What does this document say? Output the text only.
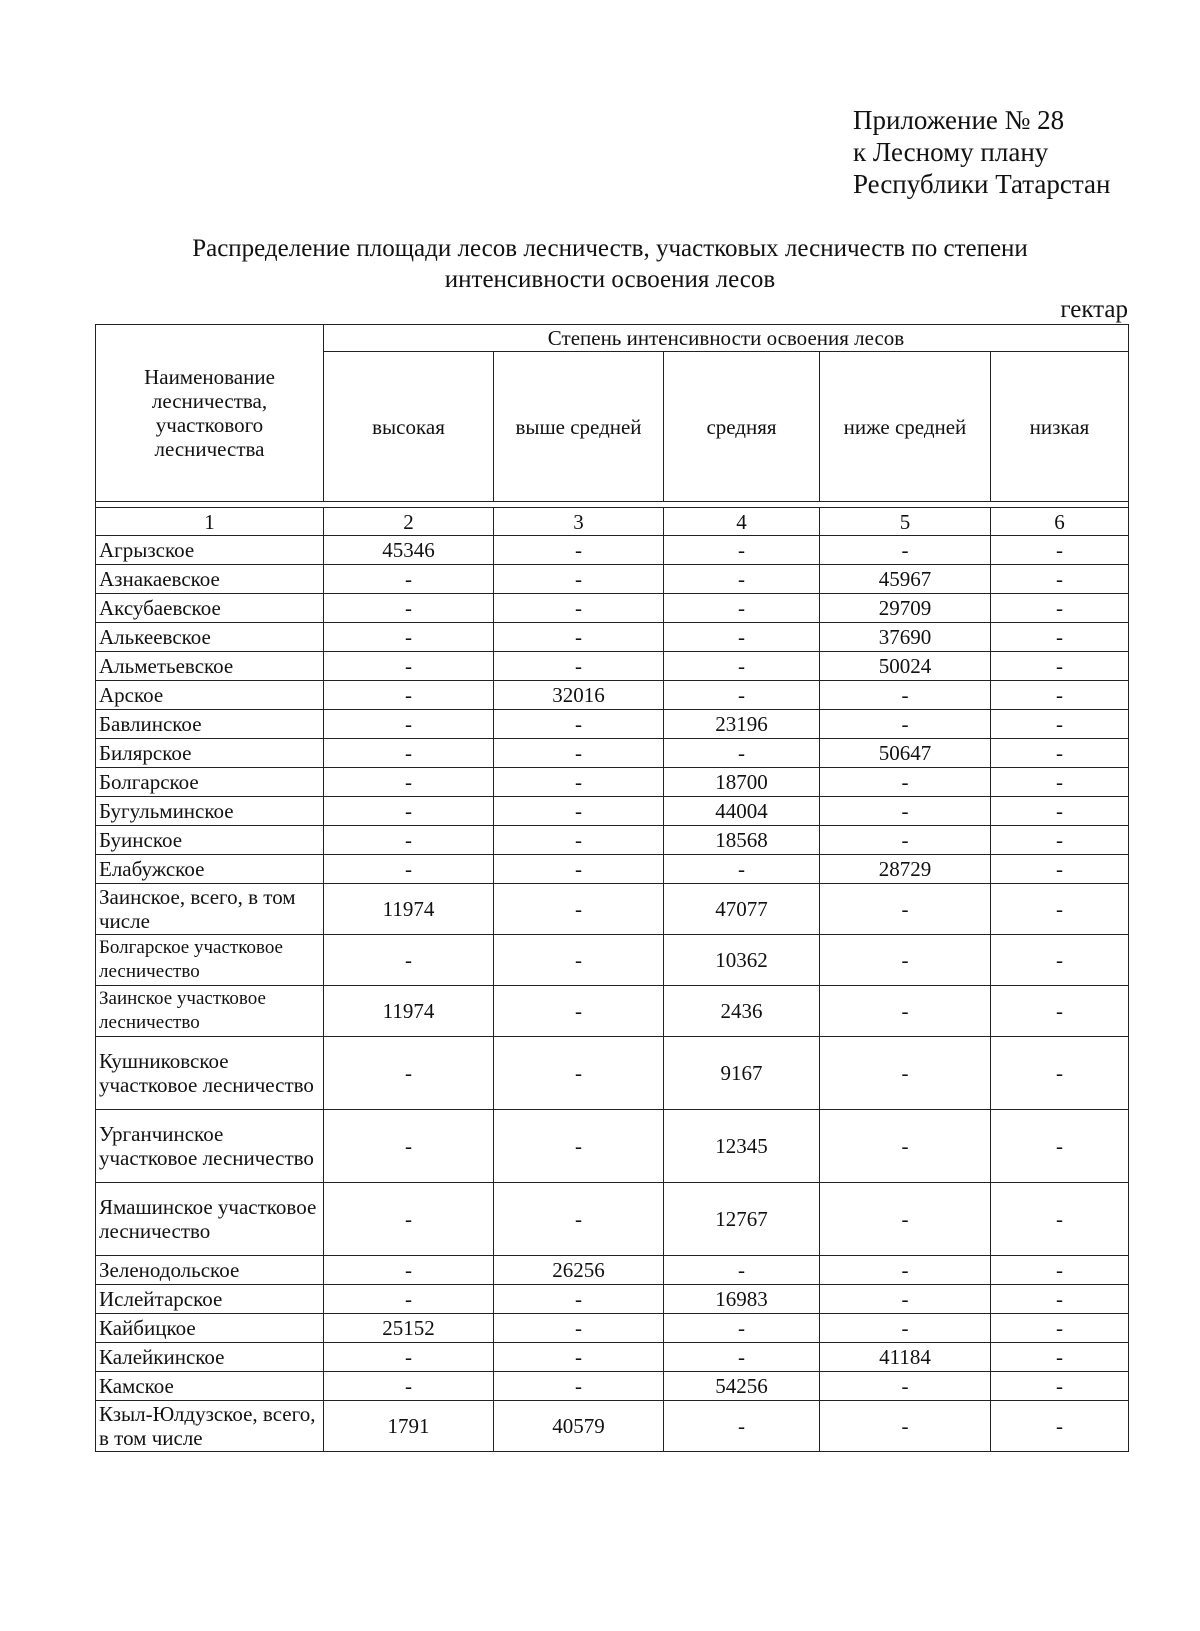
Приложение № 28
к Лесному плану
Республики Татарстан
Распределение площади лесов лесничеств, участковых лесничеств по степени
интенсивности освоения лесов
гектар
Наименование лесничества, участкового лесничества	Степень интенсивности освоения лесов				
	высокая	выше средней	средняя	ниже средней	низкая

1	2	3	4	5	6
Агрызское	45346	-	-	-	-
Азнакаевское	-	-	-	45967	-
Аксубаевское	-	-	-	29709	-
Алькеевское	-	-	-	37690	-
Альметьевское	-	-	-	50024	-
Арское	-	32016	-	-	-
Бавлинское	-	-	23196	-	-
Билярское	-	-	-	50647	-
Болгарское	-	-	18700	-	-
Бугульминское	-	-	44004	-	-
Буинское	-	-	18568	-	-
Елабужское	-	-	-	28729	-
Заинское, всего, в том числе	11974	-	47077	-	-
Болгарское участковое лесничество	-	-	10362	-	-
Заинское участковое лесничество	11974	-	2436	-	-
Кушниковское участковое лесничество	-	-	9167	-	-
Урганчинское участковое лесничество	-	-	12345	-	-
Ямашинское участковое лесничество	-	-	12767	-	-
Зеленодольское	-	26256	-	-	-
Ислейтарское	-	-	16983	-	-
Кайбицкое	25152	-	-	-	-
Калейкинское	-	-	-	41184	-
Камское	-	-	54256	-	-
Кзыл-Юлдузское, всего, в том числе	1791	40579	-	-	-
